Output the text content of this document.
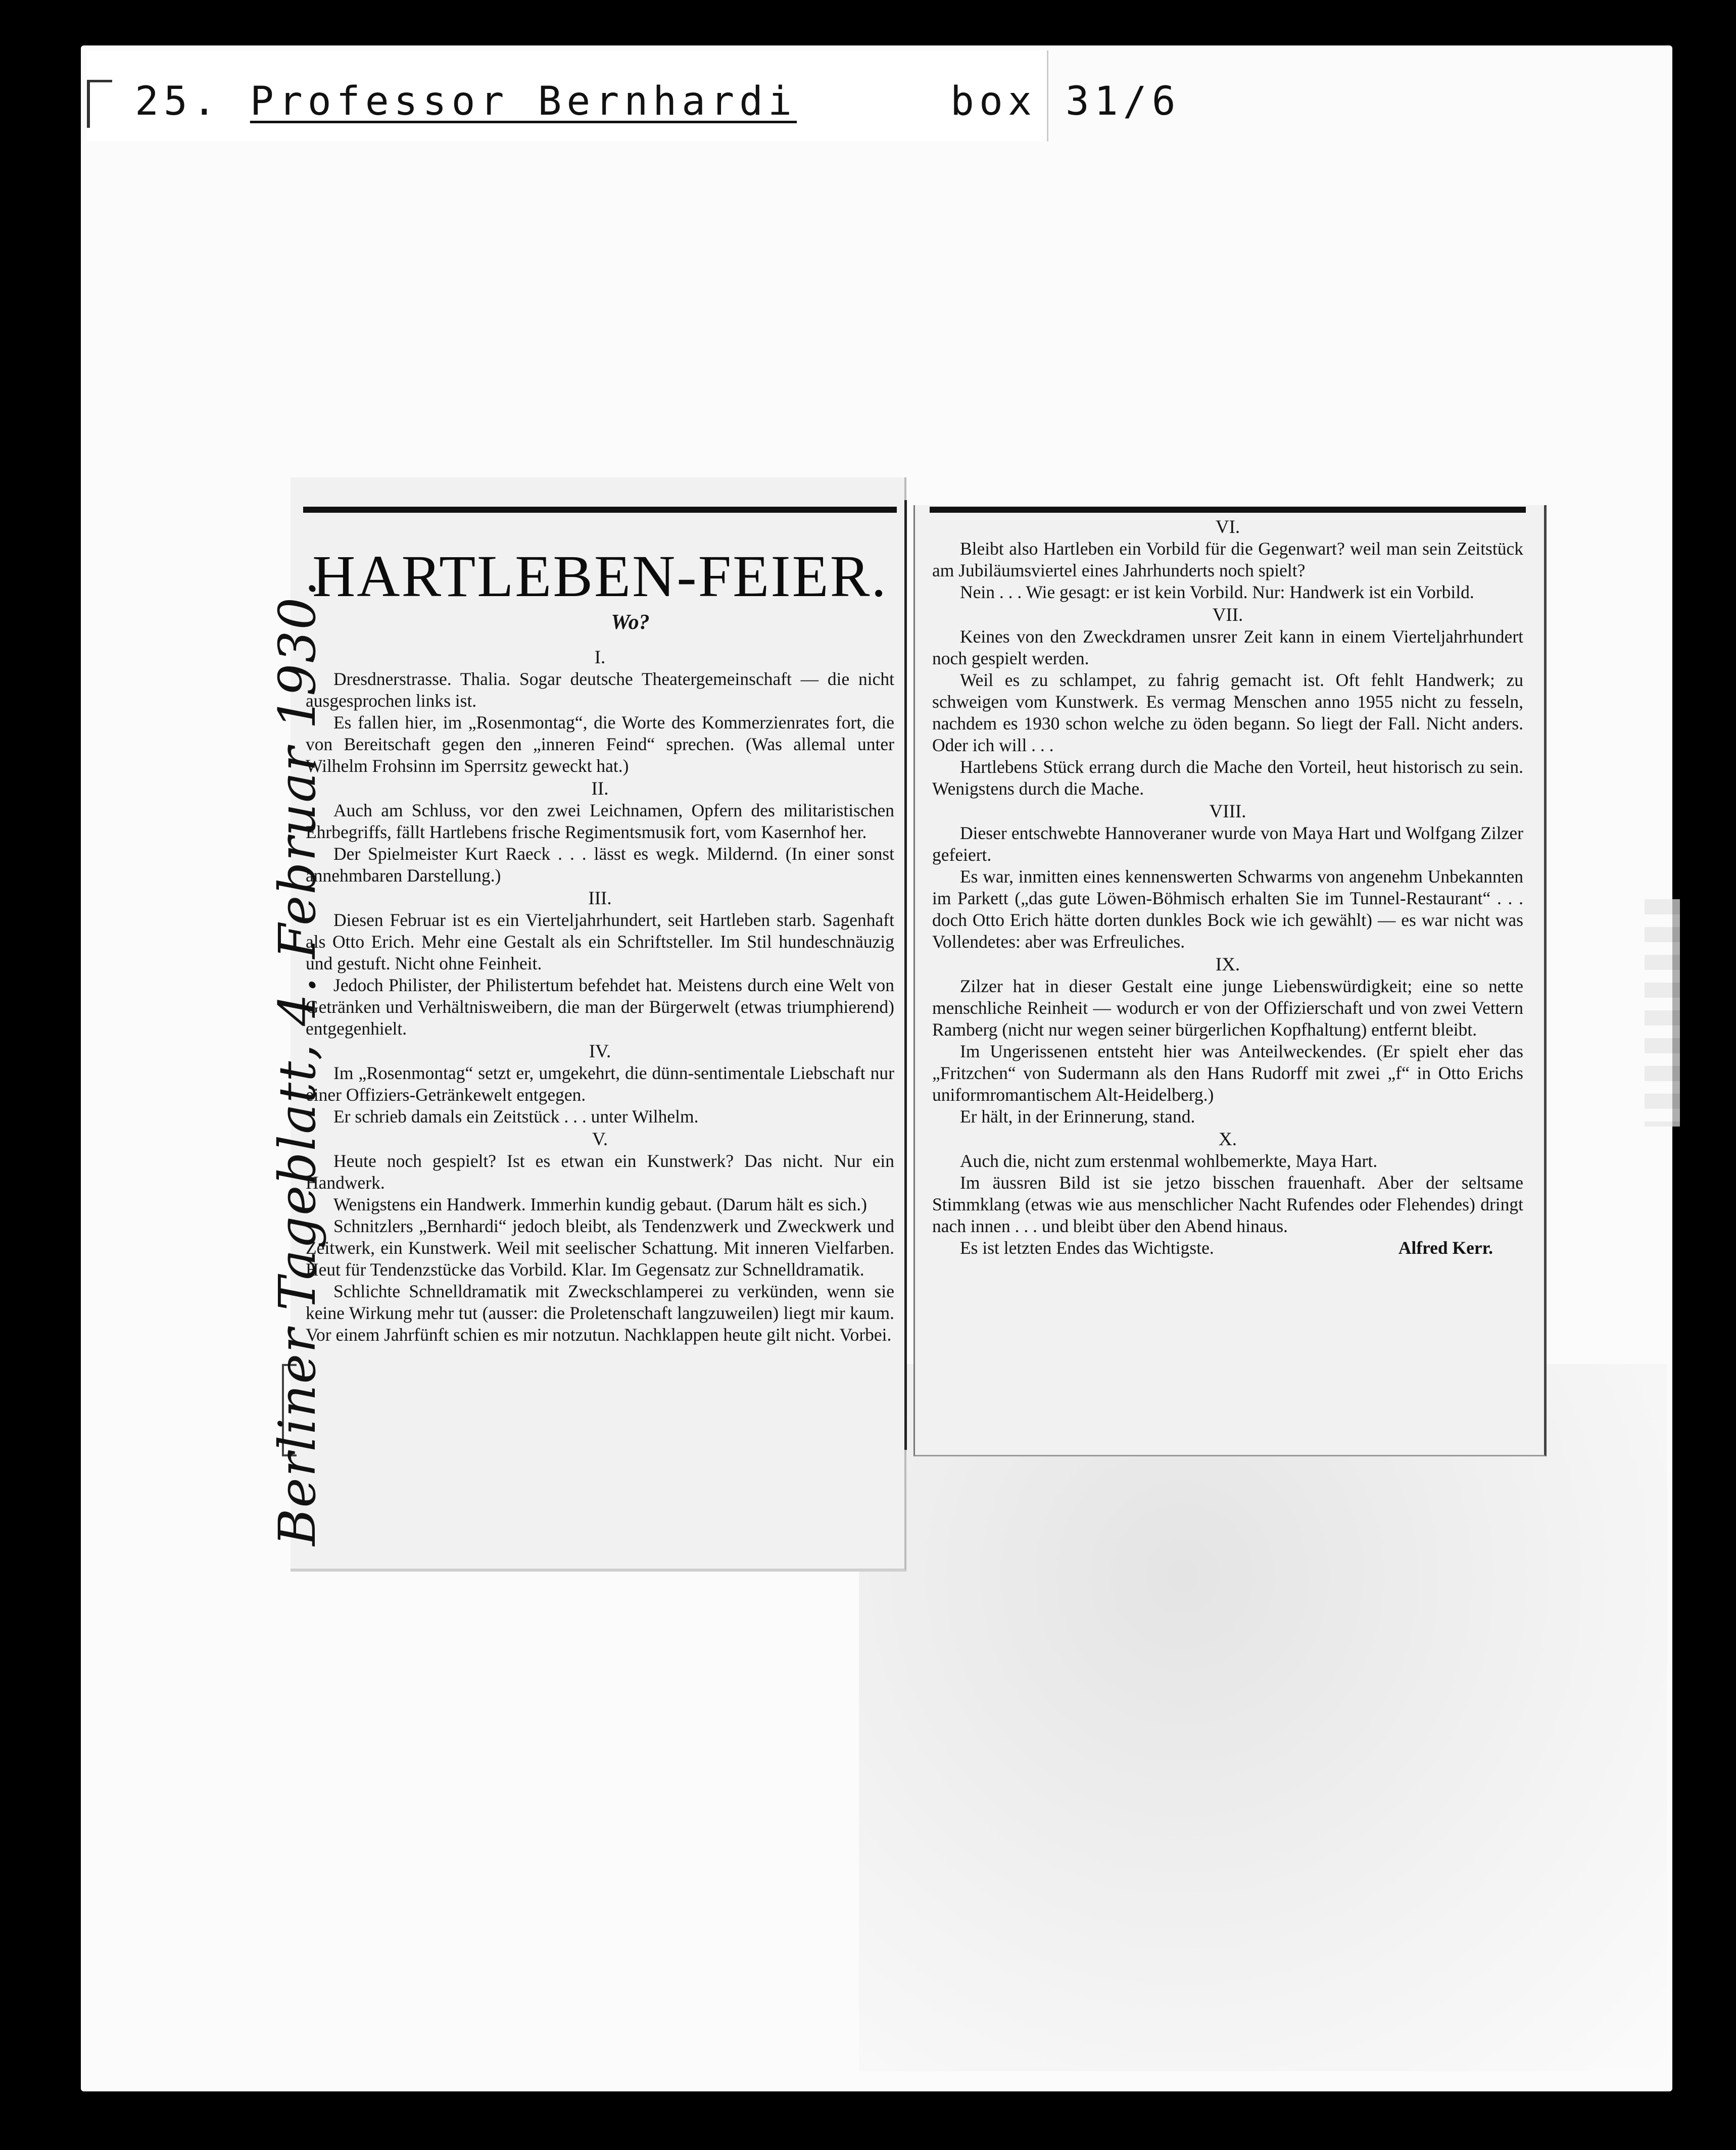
25. Professor Bernhardi	box 31/6
HARTLEBEN-FEIER.
Wo?

I.

Dresdnerstrasse. Thalia. Sogar deutsche Theatergemeinschaft — die nicht ausgesprochen links ist.

Es fallen hier, im „Rosenmontag“, die Worte des Kommerzienrates fort, die von Bereitschaft gegen den „inneren Feind“ sprechen. (Was allemal unter Wilhelm Frohsinn im Sperrsitz geweckt hat.)

II.

Auch am Schluss, vor den zwei Leichnamen, Opfern des militaristischen Ehrbegriffs, fällt Hartlebens frische Regimentsmusik fort, vom Kasernhof her.

Der Spielmeister Kurt Raeck . . . lässt es wegk. Mildernd. (In einer sonst annehmbaren Darstellung.)

III.

Diesen Februar ist es ein Vierteljahrhundert, seit Hartleben starb. Sagenhaft als Otto Erich. Mehr eine Gestalt als ein Schriftsteller. Im Stil hundeschnäuzig und gestuft. Nicht ohne Feinheit.

Jedoch Philister, der Philistertum befehdet hat. Meistens durch eine Welt von Getränken und Verhältnisweibern, die man der Bürgerwelt (etwas triumphierend) entgegenhielt.

IV.

Im „Rosenmontag“ setzt er, umgekehrt, die dünn-sentimentale Liebschaft nur einer Offiziers-Getränkewelt entgegen.

Er schrieb damals ein Zeitstück . . . unter Wilhelm.

V.

Heute noch gespielt? Ist es etwan ein Kunstwerk? Das nicht. Nur ein Handwerk.

Wenigstens ein Handwerk. Immerhin kundig gebaut. (Darum hält es sich.)

Schnitzlers „Bernhardi“ jedoch bleibt, als Tendenzwerk und Zweckwerk und Zeitwerk, ein Kunstwerk. Weil mit seelischer Schattung. Mit inneren Vielfarben. Heut für Tendenzstücke das Vorbild. Klar. Im Gegensatz zur Schnelldramatik.

Schlichte Schnelldramatik mit Zweckschlamperei zu verkünden, wenn sie keine Wirkung mehr tut (ausser: die Proletenschaft langzuweilen) liegt mir kaum. Vor einem Jahrfünft schien es mir notzutun. Nachklappen heute gilt nicht. Vorbei.

VI.

Bleibt also Hartleben ein Vorbild für die Gegenwart? weil man sein Zeitstück am Jubiläumsviertel eines Jahrhunderts noch spielt?

Nein . . . Wie gesagt: er ist kein Vorbild. Nur: Handwerk ist ein Vorbild.

VII.

Keines von den Zweckdramen unsrer Zeit kann in einem Vierteljahrhundert noch gespielt werden.

Weil es zu schlampet, zu fahrig gemacht ist. Oft fehlt Handwerk; zu schweigen vom Kunstwerk. Es vermag Menschen anno 1955 nicht zu fesseln, nachdem es 1930 schon welche zu öden begann. So liegt der Fall. Nicht anders. Oder ich will . . .

Hartlebens Stück errang durch die Mache den Vorteil, heut historisch zu sein. Wenigstens durch die Mache.

VIII.

Dieser entschwebte Hannoveraner wurde von Maya Hart und Wolfgang Zilzer gefeiert.

Es war, inmitten eines kennenswerten Schwarms von angenehm Unbekannten im Parkett („das gute Löwen-Böhmisch erhalten Sie im Tunnel-Restaurant“ . . . doch Otto Erich hätte dorten dunkles Bock wie ich gewählt) — es war nicht was Vollendetes: aber was Erfreuliches.

IX.

Zilzer hat in dieser Gestalt eine junge Liebenswürdigkeit; eine so nette menschliche Reinheit — wodurch er von der Offizierschaft und von zwei Vettern Ramberg (nicht nur wegen seiner bürgerlichen Kopfhaltung) entfernt bleibt.

Im Ungerissenen entsteht hier was Anteilweckendes. (Er spielt eher das „Fritzchen“ von Sudermann als den Hans Rudorff mit zwei „f“ in Otto Erichs uniformromantischem Alt-Heidelberg.)

Er hält, in der Erinnerung, stand.

X.

Auch die, nicht zum erstenmal wohlbemerkte, Maya Hart.

Im äussren Bild ist sie jetzo bisschen frauenhaft. Aber der seltsame Stimmklang (etwas wie aus menschlicher Nacht Rufendes oder Flehendes) dringt nach innen . . . und bleibt über den Abend hinaus.

Es ist letzten Endes das Wichtigste.	Alfred Kerr.

Berliner Tageblatt, 4. Februar 1930.
